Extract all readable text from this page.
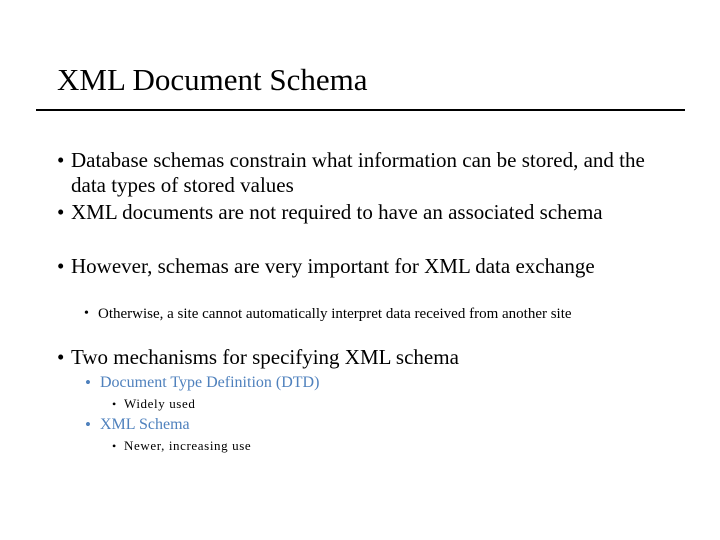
XML Document Schema
• Database schemas constrain what information can be stored, and the data types of stored values
• XML documents are not required to have an associated schema
• However, schemas are very important for XML data exchange
• Otherwise, a site cannot automatically interpret data received from another site
• Two mechanisms for specifying XML schema
• Document Type Definition (DTD)
• Widely used
• XML Schema
• Newer, increasing use
